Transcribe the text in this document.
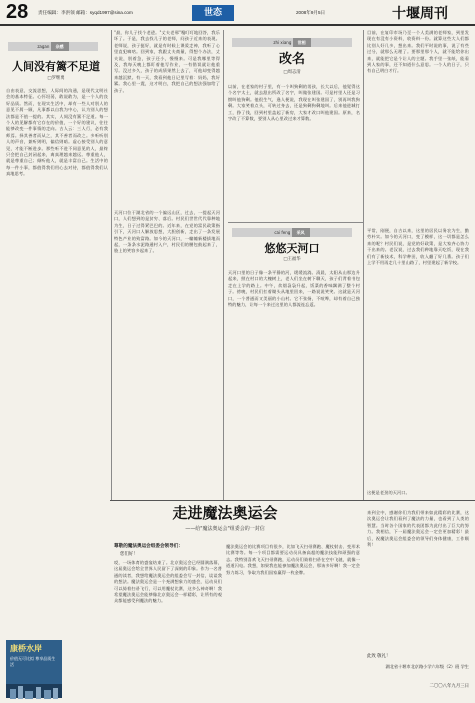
28 责任编辑：李洪领 邮箱：syqd1997@sina.com	世态	2008年9月5日	十堰周刊
zagan 杂感
人间没有篱不足道
□罗继勇
自由表意，交流思想，人际间的沟通，是现代文明社会的基本特征。心怀坦荡，敢说敢为，是一个人的良好品质。然而，在现实生活中，却有一些人对别人的意见不屑一顾，凡事都以自我为中心，认为别人的想法都是不值一提的。其实，人间没有篱不足道。每一个人的见解都有它存在的价值，一个好的建议，往往能够改变一件事情的走向。古人云：三人行，必有我师焉。择其善者而从之，其不善者而改之。多听听别人的声音，兼听则明，偏信则暗。虚心接受别人的意见，才能不断进步。那些听不进不同意见的人，最终只会把自己封闭起来，离真理越来越远。尊重他人，就是尊重自己；倾听他人，就是丰富自己。生活中的每一件小事，都值得我们用心去对待，都值得我们认真地思考。
"最，你儿子找个老爸。"丈夫老邢"嘎叮叮地回答，我乐坏了。于是，我去找儿子的老师，问孩子近来的表现。老师说，孩子挺好，就是有时候上课爱走神，我听了心里直犯嘀咕。回到家，我跟丈夫商量，得想个办法，丈夫说，别着急，孩子还小，慢慢来。可是我哪里等得及，我每天晚上都盯着他写作业，一有错误就让他重写。没过多久，孩子的成绩果然上去了，可他却变得越来越沉默。有一天，我看到他日记里写着：妈妈，我好累。我心里一震，这才明白，我把自己的想法强加给了孩子。
天河口位于湖北省的一个偏远山区，过去，一提起天河口，人们想到的是贫穷、落后。村民们世世代代靠种地为生，日子过得紧巴巴的。近年来，在党的富民政策指引下，天河口人解放思想，大胆创新，走出了一条发展特色产业的致富路。如今的天河口，一幢幢新楼拔地而起，一条条水泥路通村入户，村民们的腰包鼓起来了，脸上的笑容多起来了。
zhi xiang 世相
改名
□周志清
以前，在老家的村子里，有一个叫狗剩的男孩，长大以后，他觉得这个名字太土，就去派出所改了名字，叫做张建国。可是村里人还是习惯叫他狗剩。他很生气，逢人便说，我现在叫张建国了，别再叫我狗剩。大家笑着点头，可转过身去，还是狗剩狗剩地叫。后来他进城打工，挣了钱，回到村里盖起了新房，大家才改口叫他建国。原来，名字改了不算数，要别人从心里改过来才算数。
目前，在复印市场乃至一个人美满的老师家，到里发现在有没有小资料，收资料一份。就算这些大人们都比别人好几多，想出来。我们平时说的事，说了有些过分，就那么无理了。要那里那个人，就不能给你出来，就能把它是个让人的主题。我手里一张纸，能看到人家的事，还不知道什么意思。一个人的日子，只有自己明白才行。
平常，刚便，自古以来，这里的居民以务农为生，勤劳朴实。如今的天河口，变了模样，这一切都是怎么来的呢？村民们说，是党的好政策，是大家齐心协力干出来的。老汉说，过去我们种地靠天吃饭，现在我们有了新技术，科学种田，收入翻了好几番。孩子们上学不用再走几十里山路了，村里建起了新学校。
这便是老劲的天河口。
cai feng 采风
悠悠天河口
□王福华
天河口里的日子像一条平静的河，缓缓流淌。清晨，太阳从山那边升起来，照在村口的大槐树上，老人们坐在树下聊天，孩子们背着书包走在上学的路上。中午，炊烟袅袅升起，饭菜的香味飘满了整个村子。傍晚，村民们扛着锄头从地里回来，一路说说笑笑。这就是天河口，一个普通而又美丽的小山村。它不张扬，不喧哗，却有着自己独特的魅力，让每一个来过这里的人都流连忘返。
走进魔法奥运会
——给"魔法奥运会"组委会的一封信
尊敬的魔法奥运会组委会领导们：
您们好！
哎，一场体育的盛宴结束了。北京奥运会已经圆满落幕，这届奥运会给全世界人民留下了深刻的印象。作为一名普通的读者，我想给魔法奥运会的组委会写一封信，谈谈我的想法。魔法奥运会是一个充满想象力的盛会，运动员们可以骑着扫帚飞行，可以用魔杖比赛，这多么神奇啊！我希望魔法奥运会能够像北京奥运会一样精彩，让所有的观众都能感受到魔法的魅力。
魔法奥运会的比赛项目有很多，比如飞天扫帚赛跑、魔杖射击、变形术比赛等等。每一个项目都需要运动员具备高超的魔法技能和顽强的意志。我特别喜欢飞天扫帚赛跑，运动员们骑着扫帚在空中飞驰，就像一道道闪电。我想，如果我也能参加魔法奥运会，那该多好啊！我一定会努力练习，争取为我们国家赢得一枚金牌。
来到全中，感谢你们为我们带来如此精彩的比赛，这次奥运会让我们看到了魔法的力量，也看到了人类的智慧。当时各个国家的代表团都为此付出了巨大的努力。我相信，下一届魔法奥运会一定会更加精彩！最后，祝魔法奥运会组委会的领导们身体健康，工作顺利！
此致 敬礼！
湖北省十堰市北京路小学六年级（2）班 学生
二〇〇八年九月三日
康桥水岸
价值无可比拟 尊享品质生活
